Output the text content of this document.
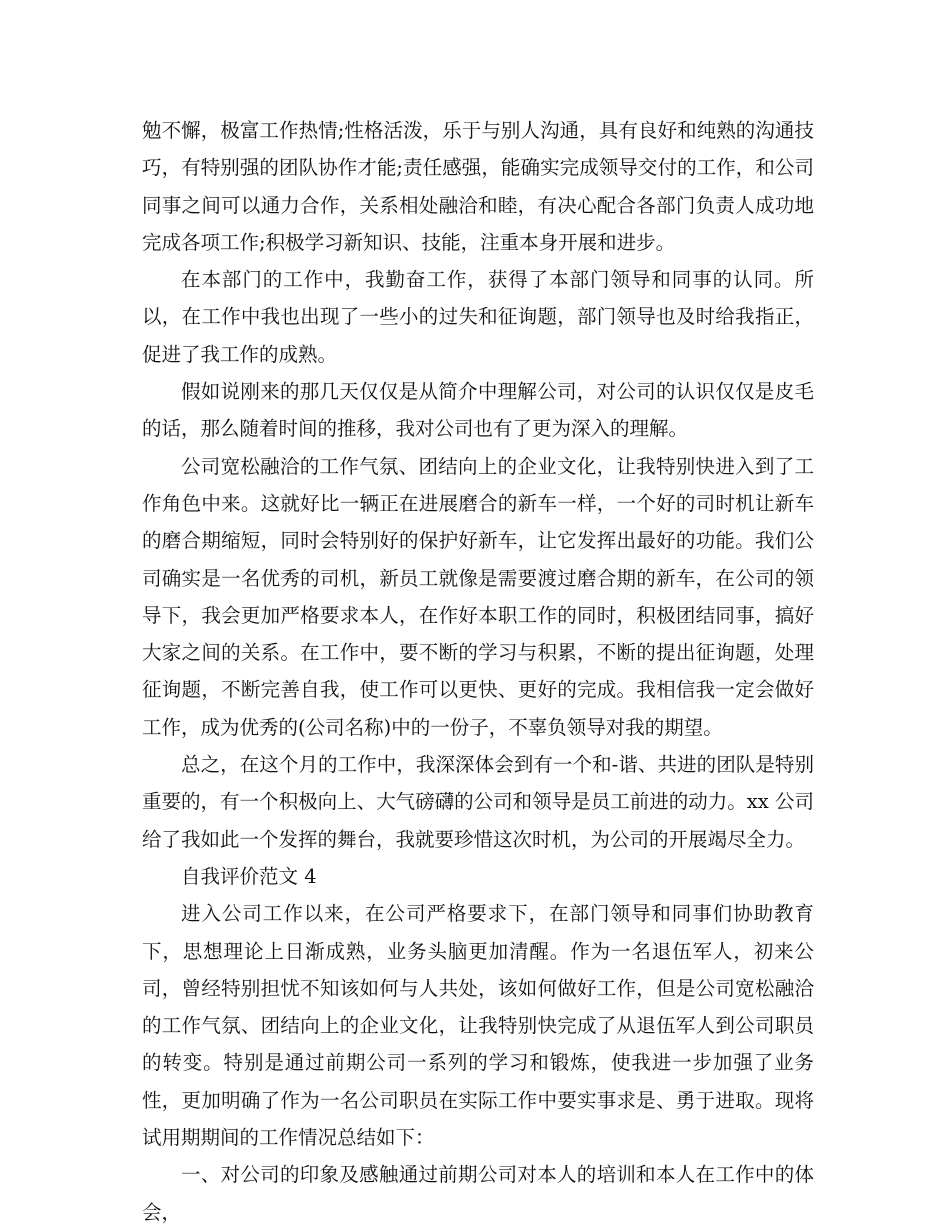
勉不懈，极富工作热情;性格活泼，乐于与别人沟通，具有良好和纯熟的沟通技巧，有特别强的团队协作才能;责任感强，能确实完成领导交付的工作，和公司同事之间可以通力合作，关系相处融洽和睦，有决心配合各部门负责人成功地完成各项工作;积极学习新知识、技能，注重本身开展和进步。

在本部门的工作中，我勤奋工作，获得了本部门领导和同事的认同。所以，在工作中我也出现了一些小的过失和征询题，部门领导也及时给我指正，促进了我工作的成熟。

假如说刚来的那几天仅仅是从简介中理解公司，对公司的认识仅仅是皮毛的话，那么随着时间的推移，我对公司也有了更为深入的理解。

公司宽松融洽的工作气氛、团结向上的企业文化，让我特别快进入到了工作角色中来。这就好比一辆正在进展磨合的新车一样，一个好的司时机让新车的磨合期缩短，同时会特别好的保护好新车，让它发挥出最好的功能。我们公司确实是一名优秀的司机，新员工就像是需要渡过磨合期的新车，在公司的领导下，我会更加严格要求本人，在作好本职工作的同时，积极团结同事，搞好大家之间的关系。在工作中，要不断的学习与积累，不断的提出征询题，处理征询题，不断完善自我，使工作可以更快、更好的完成。我相信我一定会做好工作，成为优秀的(公司名称)中的一份子，不辜负领导对我的期望。

总之，在这个月的工作中，我深深体会到有一个和-谐、共进的团队是特别重要的，有一个积极向上、大气磅礴的公司和领导是员工前进的动力。xx 公司给了我如此一个发挥的舞台，我就要珍惜这次时机，为公司的开展竭尽全力。

自我评价范文 4

进入公司工作以来，在公司严格要求下，在部门领导和同事们协助教育下，思想理论上日渐成熟，业务头脑更加清醒。作为一名退伍军人，初来公司，曾经特别担忧不知该如何与人共处，该如何做好工作，但是公司宽松融洽的工作气氛、团结向上的企业文化，让我特别快完成了从退伍军人到公司职员的转变。特别是通过前期公司一系列的学习和锻炼，使我进一步加强了业务性，更加明确了作为一名公司职员在实际工作中要实事求是、勇于进取。现将试用期期间的工作情况总结如下：

一、对公司的印象及感触通过前期公司对本人的培训和本人在工作中的体会，
